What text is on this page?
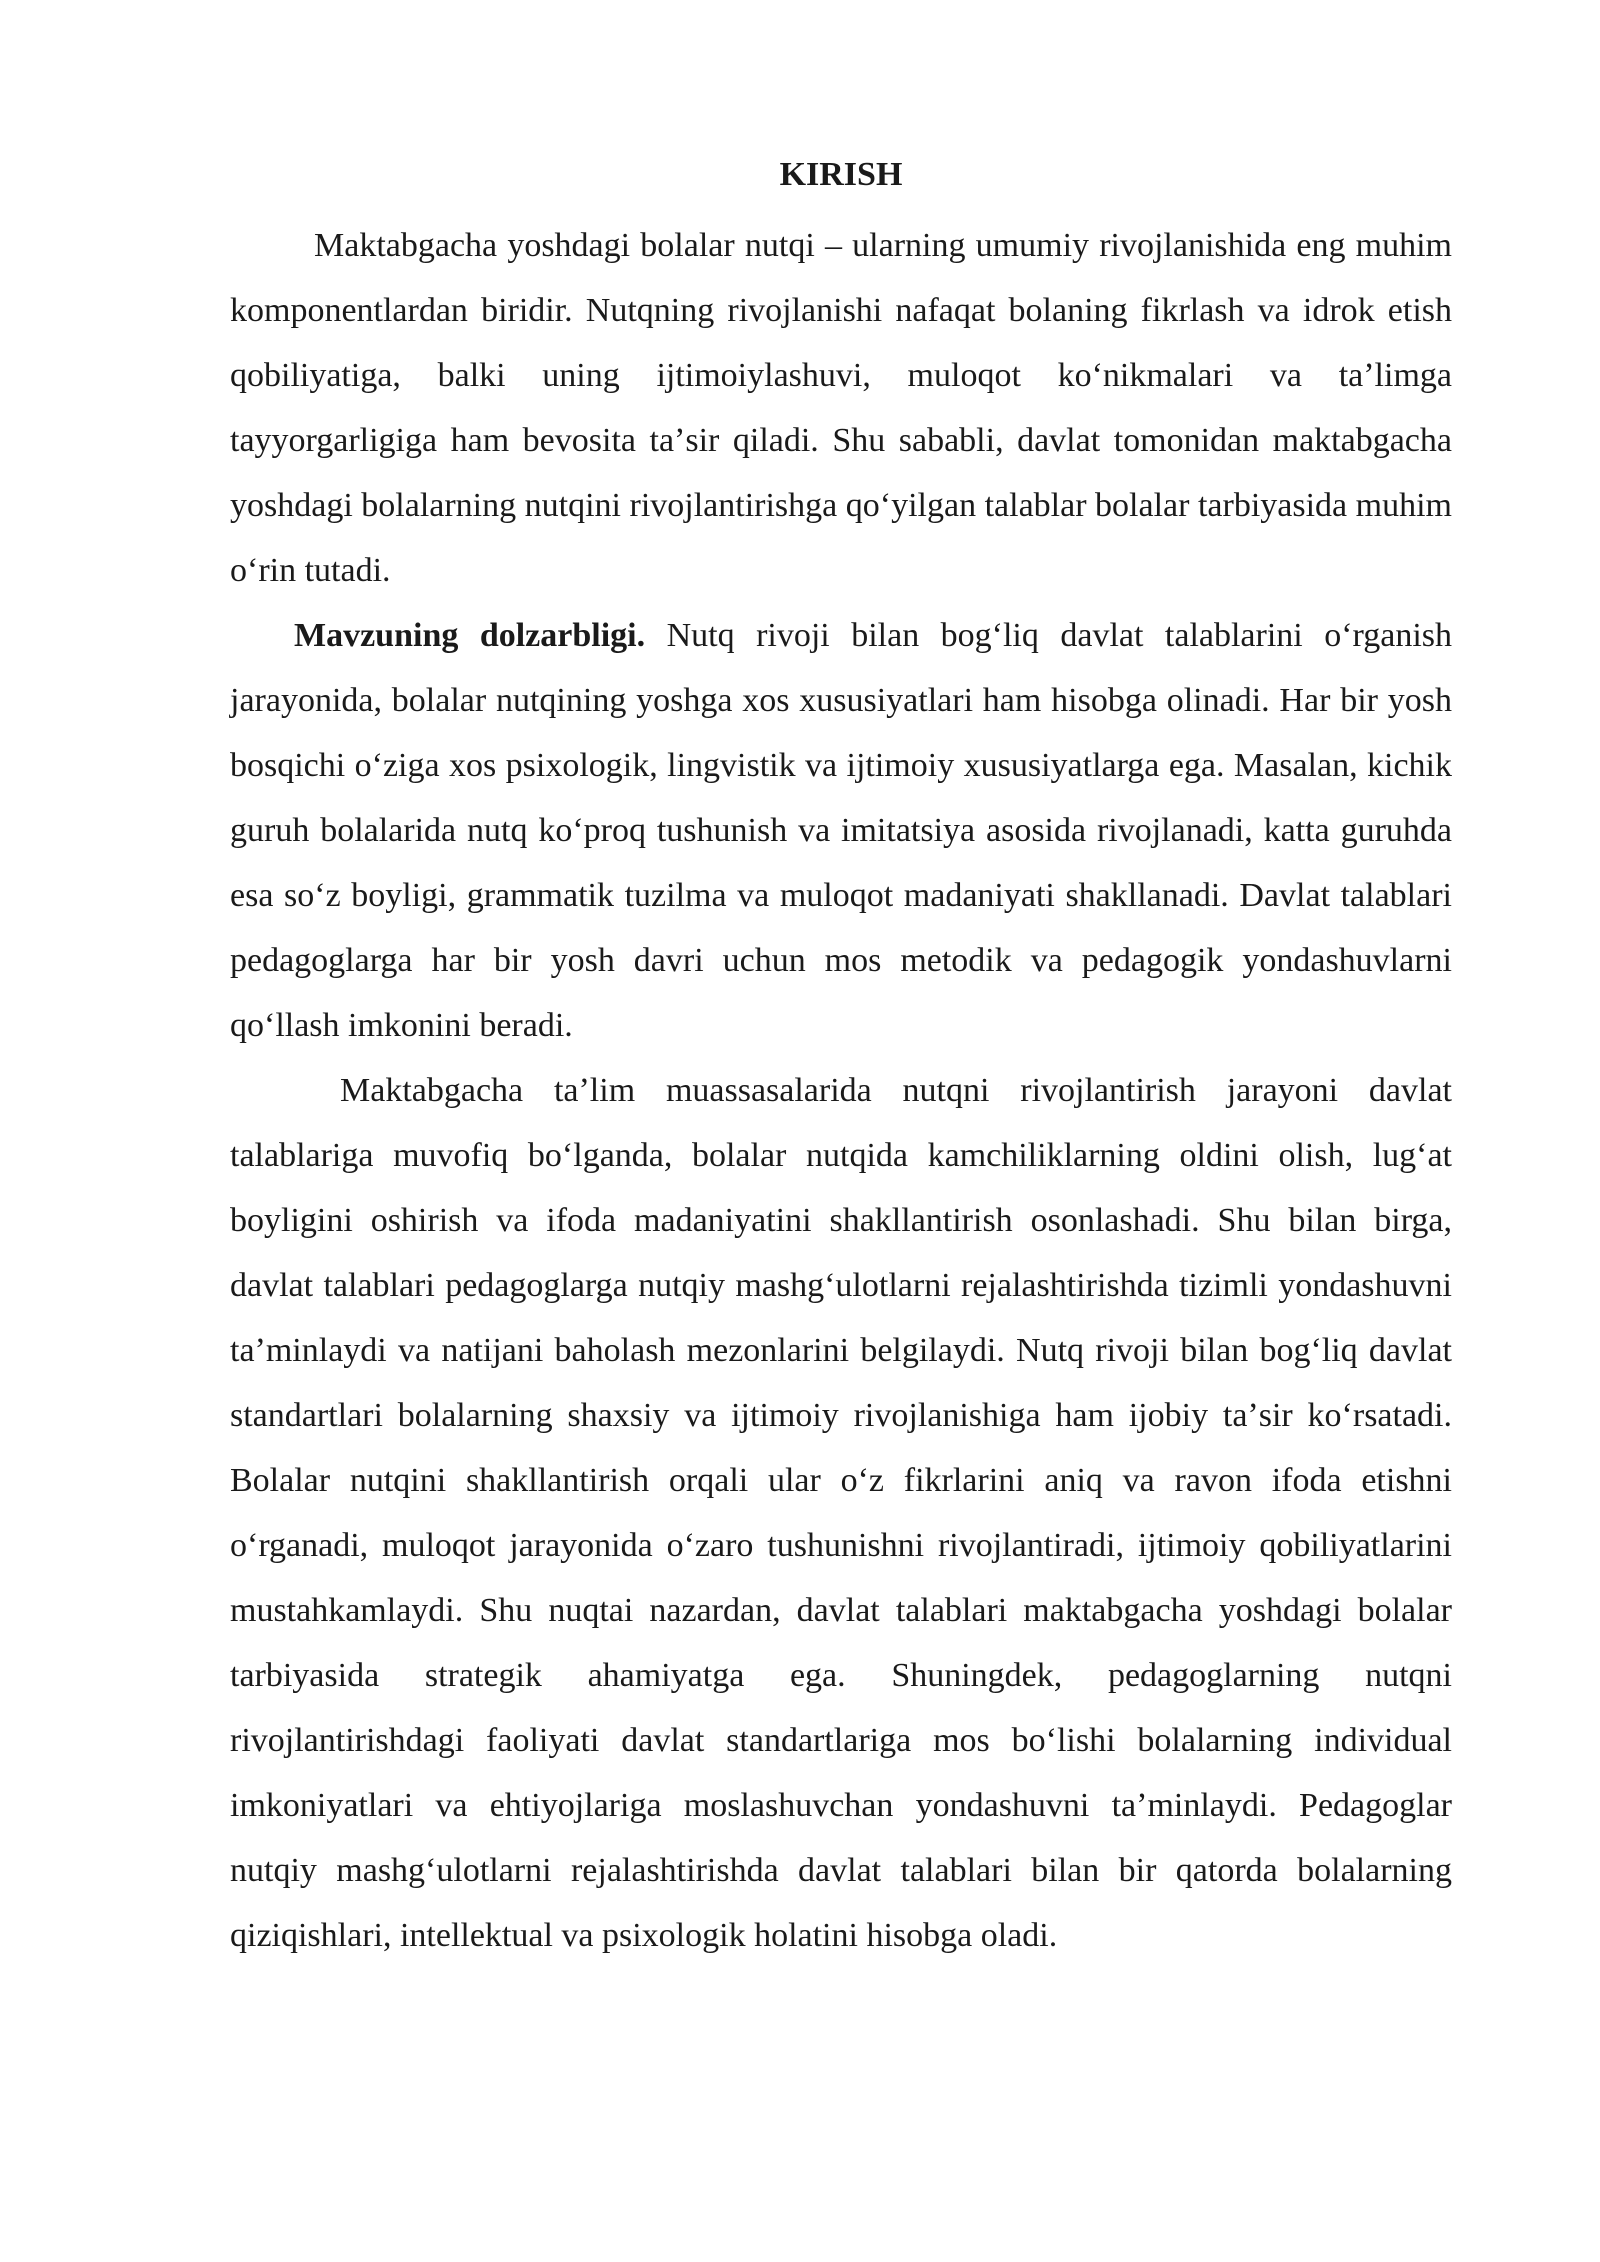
KIRISH

Maktabgacha yoshdagi bolalar nutqi – ularning umumiy rivojlanishida eng muhim komponentlardan biridir. Nutqning rivojlanishi nafaqat bolaning fikrlash va idrok etish qobiliyatiga, balki uning ijtimoiylashuvi, muloqot koʻnikmalari va taʼlimga tayyorgarligiga ham bevosita taʼsir qiladi. Shu sababli, davlat tomonidan maktabgacha yoshdagi bolalarning nutqini rivojlantirishga qoʻyilgan talablar bolalar tarbiyasida muhim oʻrin tutadi.

Mavzuning dolzarbligi. Nutq rivoji bilan bogʻliq davlat talablarini oʻrganish jarayonida, bolalar nutqining yoshga xos xususiyatlari ham hisobga olinadi. Har bir yosh bosqichi oʻziga xos psixologik, lingvistik va ijtimoiy xususiyatlarga ega. Masalan, kichik guruh bolalarida nutq koʻproq tushunish va imitatsiya asosida rivojlanadi, katta guruhda esa soʻz boyligi, grammatik tuzilma va muloqot madaniyati shakllanadi. Davlat talablari pedagoglarga har bir yosh davri uchun mos metodik va pedagogik yondashuvlarni qoʻllash imkonini beradi.

Maktabgacha taʼlim muassasalarida nutqni rivojlantirish jarayoni davlat talablariga muvofiq boʻlganda, bolalar nutqida kamchiliklarning oldini olish, lugʻat boyligini oshirish va ifoda madaniyatini shakllantirish osonlashadi. Shu bilan birga, davlat talablari pedagoglarga nutqiy mashgʻulotlarni rejalashtirishda tizimli yondashuvni taʼminlaydi va natijani baholash mezonlarini belgilaydi. Nutq rivoji bilan bogʻliq davlat standartlari bolalarning shaxsiy va ijtimoiy rivojlanishiga ham ijobiy taʼsir koʻrsatadi. Bolalar nutqini shakllantirish orqali ular oʻz fikrlarini aniq va ravon ifoda etishni oʻrganadi, muloqot jarayonida oʻzaro tushunishni rivojlantiradi, ijtimoiy qobiliyatlarini mustahkamlaydi. Shu nuqtai nazardan, davlat talablari maktabgacha yoshdagi bolalar tarbiyasida strategik ahamiyatga ega. Shuningdek, pedagoglarning nutqni rivojlantirishdagi faoliyati davlat standartlariga mos boʻlishi bolalarning individual imkoniyatlari va ehtiyojlariga moslashuvchan yondashuvni taʼminlaydi. Pedagoglar nutqiy mashgʻulotlarni rejalashtirishda davlat talablari bilan bir qatorda bolalarning qiziqishlari, intellektual va psixologik holatini hisobga oladi.
